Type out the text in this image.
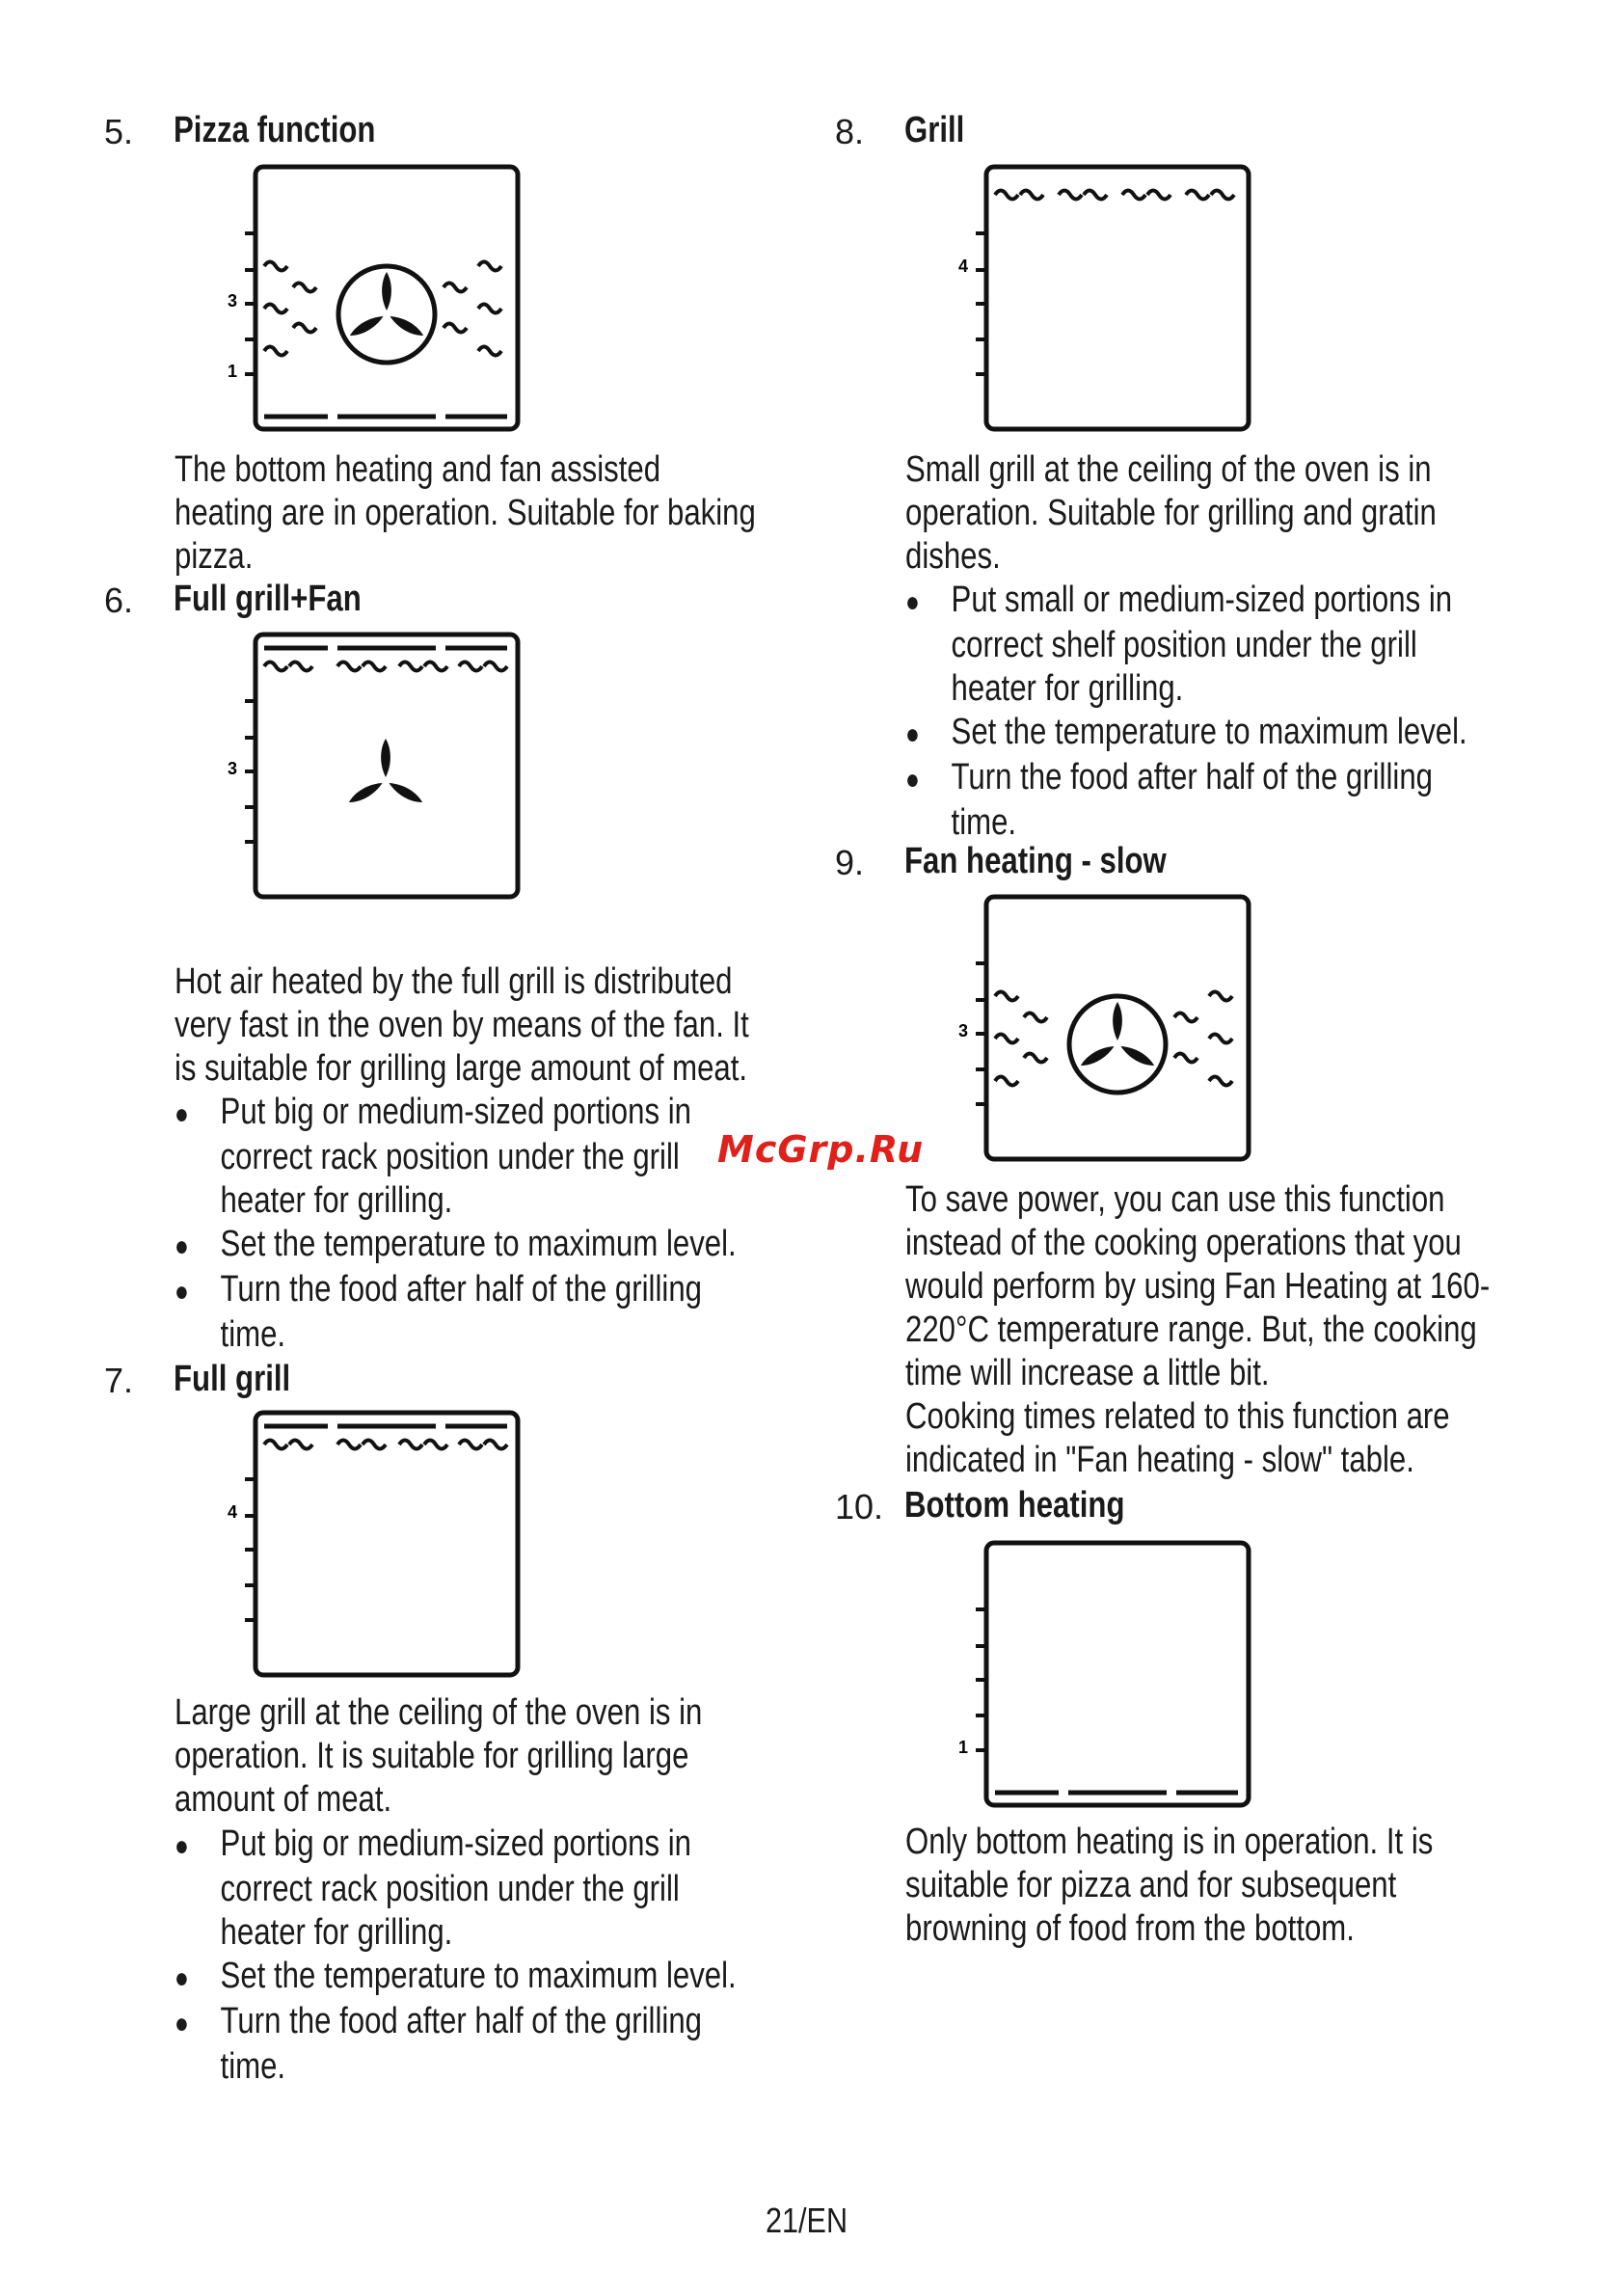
5. Pizza function
3
1

The bottom heating and fan assisted

heating are in operation. Suitable for baking

pizza.

6. Full grill+Fan
3

Hot air heated by the full grill is distributed

very fast in the oven by means of the fan. It

is suitable for grilling large amount of meat.

● Put big or medium-sized portions in
correct rack position under the grill
heater for grilling.
● Set the temperature to maximum level.
● Turn the food after half of the grilling
time.
7. Full grill
4

Large grill at the ceiling of the oven is in

operation. It is suitable for grilling large

amount of meat.

● Put big or medium-sized portions in
correct rack position under the grill
heater for grilling.
● Set the temperature to maximum level.
● Turn the food after half of the grilling
time.
8. Grill
4

Small grill at the ceiling of the oven is in

operation. Suitable for grilling and gratin

dishes.

● Put small or medium-sized portions in
correct shelf position under the grill
heater for grilling.
● Set the temperature to maximum level.
● Turn the food after half of the grilling
time.
9. Fan heating - slow
3

To save power, you can use this function

instead of the cooking operations that you

would perform by using Fan Heating at 160-

220°C temperature range. But, the cooking

time will increase a little bit.

Cooking times related to this function are

indicated in "Fan heating - slow" table.

10. Bottom heating
1

Only bottom heating is in operation. It is

suitable for pizza and for subsequent

browning of food from the bottom.

McGrp.Ru
21/EN
